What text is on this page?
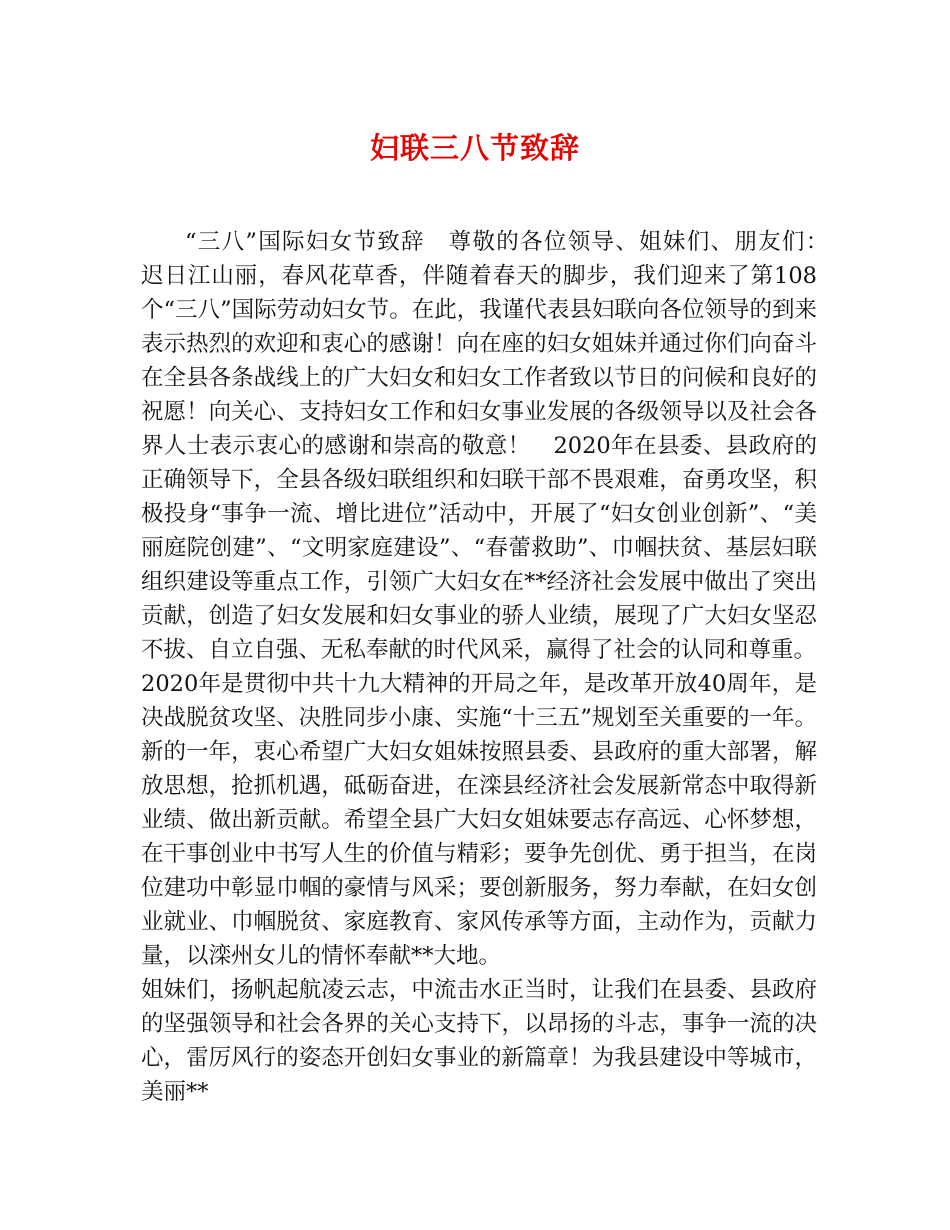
妇联三八节致辞

“三八”国际妇女节致辞　尊敬的各位领导、姐妹们、朋友们：　迟日江山丽，春风花草香，伴随着春天的脚步，我们迎来了第108个“三八”国际劳动妇女节。在此，我谨代表县妇联向各位领导的到来表示热烈的欢迎和衷心的感谢！向在座的妇女姐妹并通过你们向奋斗在全县各条战线上的广大妇女和妇女工作者致以节日的问候和良好的祝愿！向关心、支持妇女工作和妇女事业发展的各级领导以及社会各界人士表示衷心的感谢和崇高的敬意！　2020年在县委、县政府的正确领导下，全县各级妇联组织和妇联干部不畏艰难，奋勇攻坚，积极投身“事争一流、增比进位”活动中，开展了“妇女创业创新”、“美丽庭院创建”、“文明家庭建设”、“春蕾救助”、巾帼扶贫、基层妇联组织建设等重点工作，引领广大妇女在**经济社会发展中做出了突出贡献，创造了妇女发展和妇女事业的骄人业绩，展现了广大妇女坚忍不拔、自立自强、无私奉献的时代风采，赢得了社会的认同和尊重。

2020年是贯彻中共十九大精神的开局之年，是改革开放40周年，是决战脱贫攻坚、决胜同步小康、实施“十三五”规划至关重要的一年。新的一年，衷心希望广大妇女姐妹按照县委、县政府的重大部署，解放思想，抢抓机遇，砥砺奋进，在滦县经济社会发展新常态中取得新业绩、做出新贡献。希望全县广大妇女姐妹要志存高远、心怀梦想，在干事创业中书写人生的价值与精彩；要争先创优、勇于担当，在岗位建功中彰显巾帼的豪情与风采；要创新服务，努力奉献，在妇女创业就业、巾帼脱贫、家庭教育、家风传承等方面，主动作为，贡献力量，以滦州女儿的情怀奉献**大地。

姐妹们，扬帆起航凌云志，中流击水正当时，让我们在县委、县政府的坚强领导和社会各界的关心支持下，以昂扬的斗志，事争一流的决心，雷厉风行的姿态开创妇女事业的新篇章！为我县建设中等城市，美丽**
